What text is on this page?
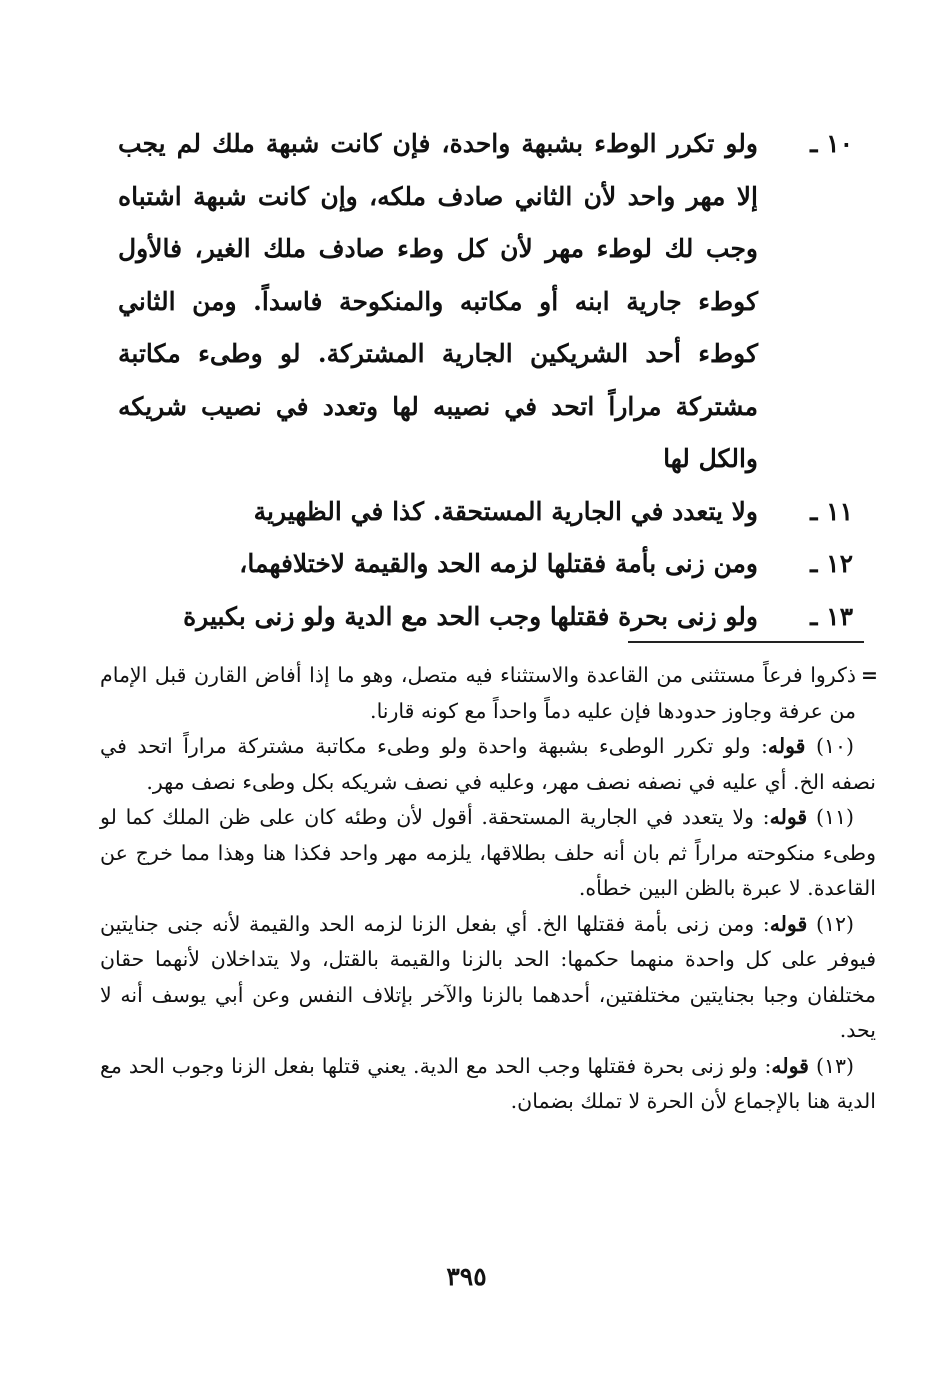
١٠ ـ
ولو تكرر الوطء بشبهة واحدة، فإن كانت شبهة ملك لم يجب إلا مهر واحد لأن الثاني صادف ملكه، وإن كانت شبهة اشتباه وجب لك لوطء مهر لأن كل وطء صادف ملك الغير، فالأول كوطء جارية ابنه أو مكاتبه والمنكوحة فاسداً. ومن الثاني كوطء أحد الشريكين الجارية المشتركة. لو وطىء مكاتبة مشتركة مراراً اتحد في نصيبه لها وتعدد في نصيب شريكه والكل لها
١١ ـ
ولا يتعدد في الجارية المستحقة. كذا في الظهيرية
١٢ ـ
ومن زنى بأمة فقتلها لزمه الحد والقيمة لاختلافهما،
١٣ ـ
ولو زنى بحرة فقتلها وجب الحد مع الدية ولو زنى بكبيرة

=
ذكروا فرعاً مستثنى من القاعدة والاستثناء فيه متصل، وهو ما إذا أفاض القارن قبل الإمام من عرفة وجاوز حدودها فإن عليه دماً واحداً مع كونه قارنا.

(١٠) قوله: ولو تكرر الوطىء بشبهة واحدة ولو وطىء مكاتبة مشتركة مراراً اتحد في نصفه الخ. أي عليه في نصفه نصف مهر، وعليه في نصف شريكه بكل وطىء نصف مهر.

(١١) قوله: ولا يتعدد في الجارية المستحقة. أقول لأن وطئه كان على ظن الملك كما لو وطىء منكوحته مراراً ثم بان أنه حلف بطلاقها، يلزمه مهر واحد فكذا هنا وهذا مما خرج عن القاعدة. لا عبرة بالظن البين خطأه.

(١٢) قوله: ومن زنى بأمة فقتلها الخ. أي بفعل الزنا لزمه الحد والقيمة لأنه جنى جنايتين فيوفر على كل واحدة منهما حكمها: الحد بالزنا والقيمة بالقتل، ولا يتداخلان لأنهما حقان مختلفان وجبا بجنايتين مختلفتين، أحدهما بالزنا والآخر بإتلاف النفس وعن أبي يوسف أنه لا يحد.

(١٣) قوله: ولو زنى بحرة فقتلها وجب الحد مع الدية. يعني قتلها بفعل الزنا وجوب الحد مع الدية هنا بالإجماع لأن الحرة لا تملك بضمان.

٣٩٥
